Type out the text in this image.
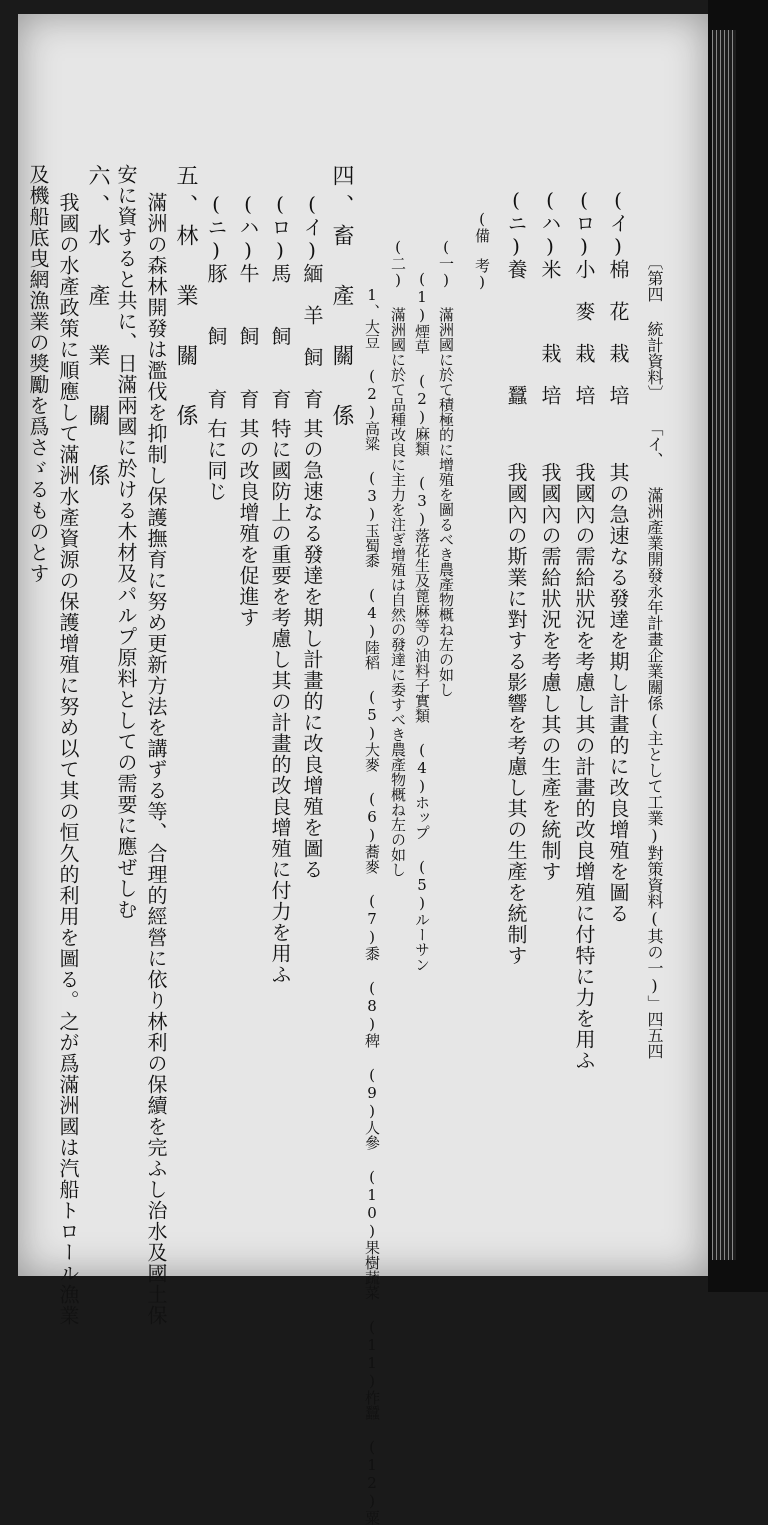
〔第四 統計資料〕 「イ、 滿洲產業開發永年計畫企業關係(主として工業)對策資料(其の一)」四五四
(イ)棉　花　栽　培
其の急速なる發達を期し計畫的に改良增殖を圖る
(ロ)小　麥　栽　培
我國內の需給狀況を考慮し其の計畫的改良增殖に付特に力を用ふ
(ハ)米　　　栽　培
我國內の需給狀況を考慮し其の生產を統制す
(ニ)養　　　　　蠶
我國內の斯業に對する影響を考慮し其の生產を統制す
(備　考)
(一) 滿洲國に於て積極的に增殖を圖るべき農產物概ね左の如し
(1)煙草 (2)麻類 (3)落花生及蓖麻等の油料子實類 (4)ホップ (5)ルーサン
(二) 滿洲國に於て品種改良に主力を注ぎ增殖は自然の發達に委すべき農產物概ね左の如し
1、大豆 (2)高粱 (3)玉蜀黍 (4)陸稻 (5)大麥 (6)蕎麥 (7)黍 (8)稗 (9)人參 (10)果樹蔬菜 (11)柞蠶 (12)粟
四、畜　產　關　係
(イ)緬　羊　飼　育
其の急速なる發達を期し計畫的に改良增殖を圖る
(ロ)馬　　飼　　育
特に國防上の重要を考慮し其の計畫的改良增殖に付力を用ふ
(ハ)牛　　飼　　育
其の改良增殖を促進す
(ニ)豚　　飼　　育
右に同じ
五、林　業　關　係
滿洲の森林開發は濫伐を抑制し保護撫育に努め更新方法を講ずる等、合理的經營に依り林利の保續を完ふし治水及國土保
安に資すると共に、日滿兩國に於ける木材及パルプ原料としての需要に應ぜしむ
六、水　產　業　關　係
我國の水產政策に順應して滿洲水產資源の保護增殖に努め以て其の恒久的利用を圖る。之が爲滿洲國は汽船トロール漁業
及機船底曳網漁業の獎勵を爲さゞるものとす
